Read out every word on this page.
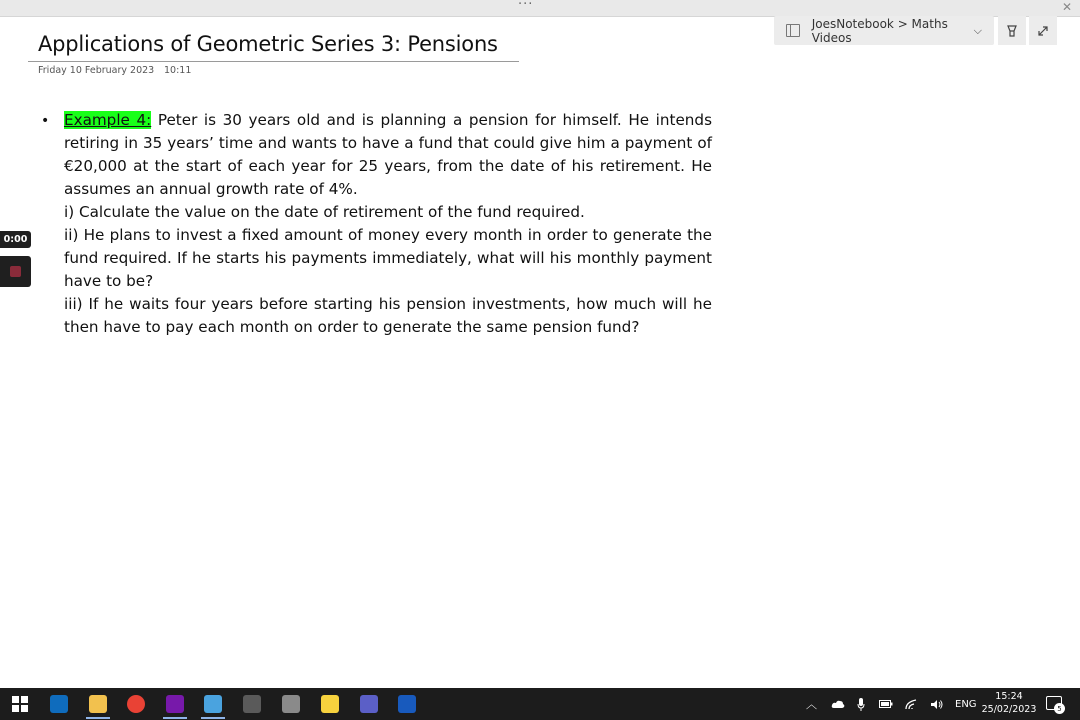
···	✕
JoesNotebook > Maths Videos
⌵
Applications of Geometric Series 3: Pensions
Friday 10 February 2023 10:11
• Example 4: Peter is 30 years old and is planning a pension for himself. He intends retiring in 35 years’ time and wants to have a fund that could give him a payment of €20,000 at the start of each year for 25 years, from the date of his retirement. He assumes an annual growth rate of 4%.

i) Calculate the value on the date of retirement of the fund required.

ii) He plans to invest a fixed amount of money every month in order to generate the fund required. If he starts his payments immediately, what will his monthly payment have to be?

iii) If he waits four years before starting his pension investments, how much will he then have to pay each month on order to generate the same pension fund?

0:00
︿	ENG
15:24
25/02/2023	5
